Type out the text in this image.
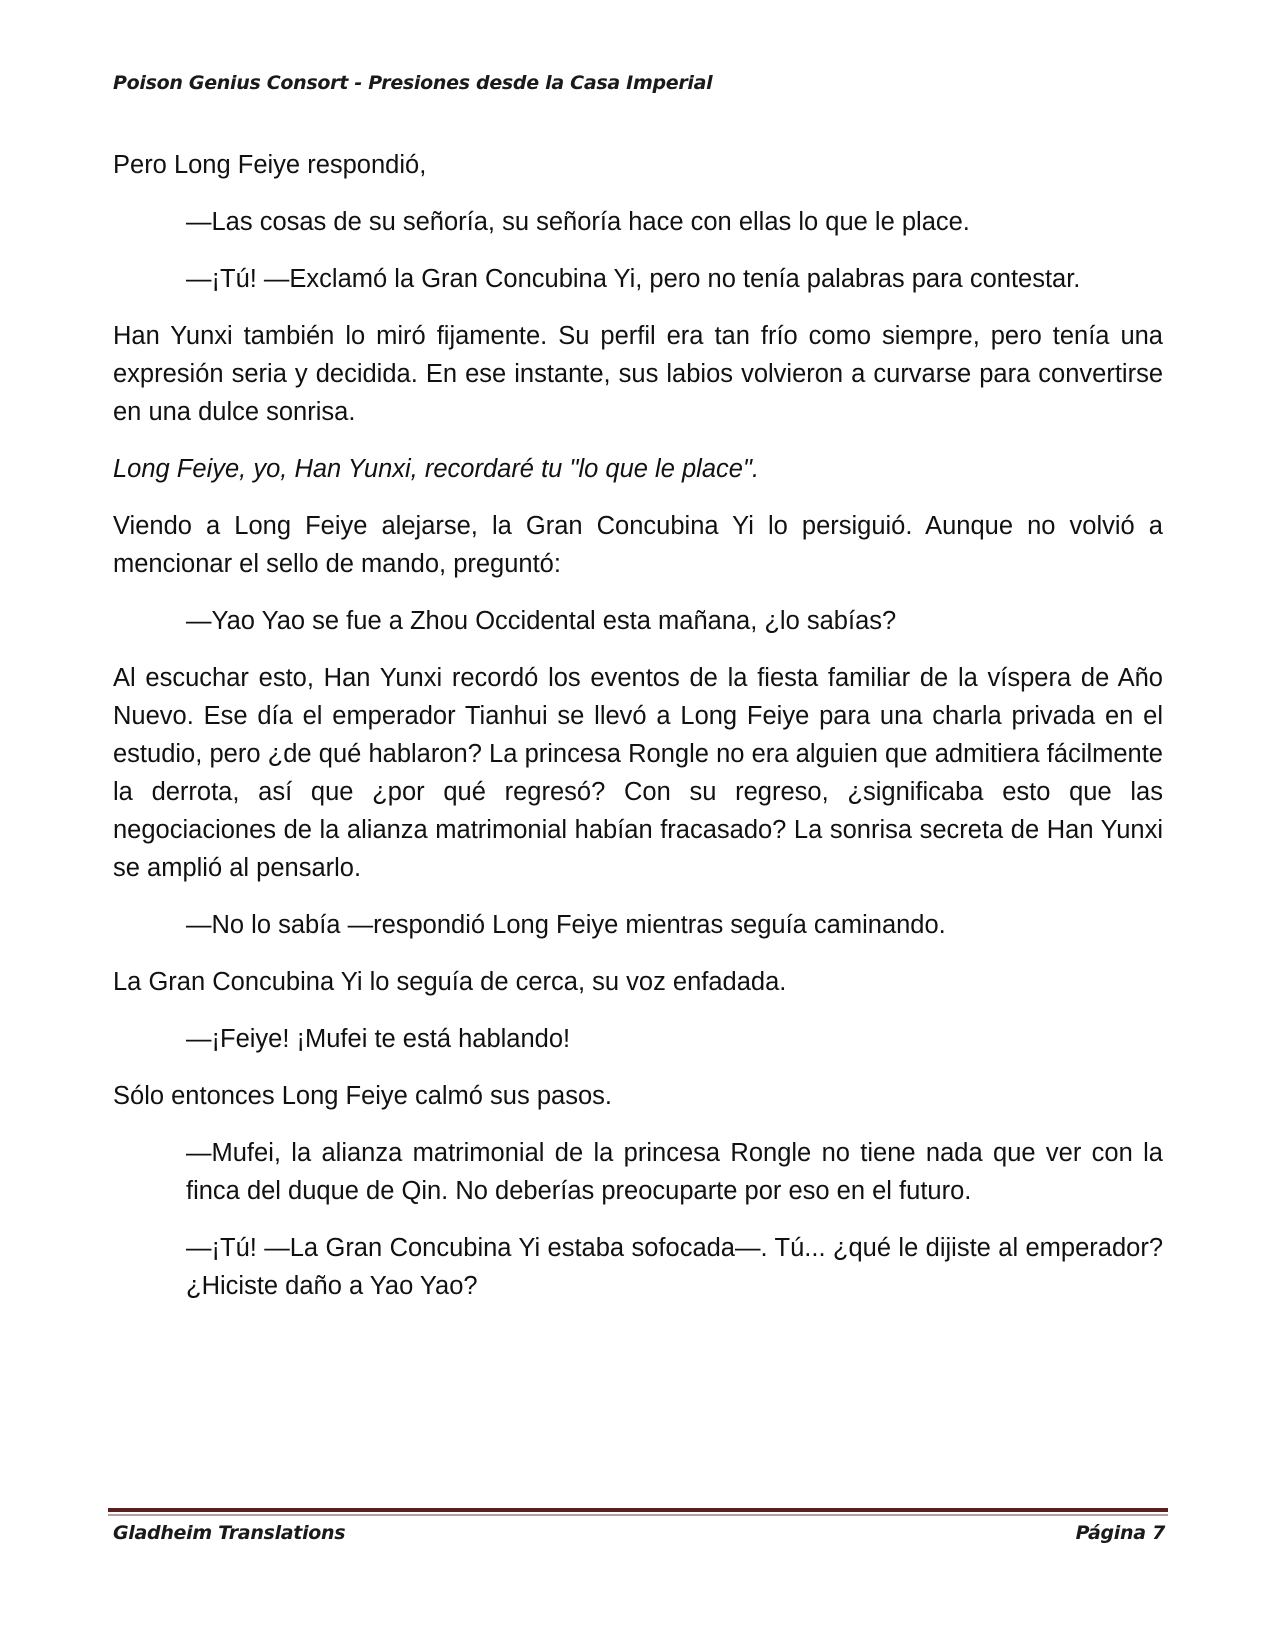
Poison Genius Consort - Presiones desde la Casa Imperial

Pero Long Feiye respondió,

—Las cosas de su señoría, su señoría hace con ellas lo que le place.

—¡Tú! —Exclamó la Gran Concubina Yi, pero no tenía palabras para contestar.

Han Yunxi también lo miró fijamente. Su perfil era tan frío como siempre, pero tenía una expresión seria y decidida. En ese instante, sus labios volvieron a curvarse para convertirse en una dulce sonrisa.

Long Feiye, yo, Han Yunxi, recordaré tu "lo que le place".

Viendo a Long Feiye alejarse, la Gran Concubina Yi lo persiguió. Aunque no volvió a mencionar el sello de mando, preguntó:

—Yao Yao se fue a Zhou Occidental esta mañana, ¿lo sabías?

Al escuchar esto, Han Yunxi recordó los eventos de la fiesta familiar de la víspera de Año Nuevo. Ese día el emperador Tianhui se llevó a Long Feiye para una charla privada en el estudio, pero ¿de qué hablaron? La princesa Rongle no era alguien que admitiera fácilmente la derrota, así que ¿por qué regresó? Con su regreso, ¿significaba esto que las negociaciones de la alianza matrimonial habían fracasado? La sonrisa secreta de Han Yunxi se amplió al pensarlo.

—No lo sabía —respondió Long Feiye mientras seguía caminando.

La Gran Concubina Yi lo seguía de cerca, su voz enfadada.

—¡Feiye! ¡Mufei te está hablando!

Sólo entonces Long Feiye calmó sus pasos.

—Mufei, la alianza matrimonial de la princesa Rongle no tiene nada que ver con la finca del duque de Qin. No deberías preocuparte por eso en el futuro.

—¡Tú! —La Gran Concubina Yi estaba sofocada—. Tú... ¿qué le dijiste al emperador? ¿Hiciste daño a Yao Yao?

Gladheim Translations	Página 7
